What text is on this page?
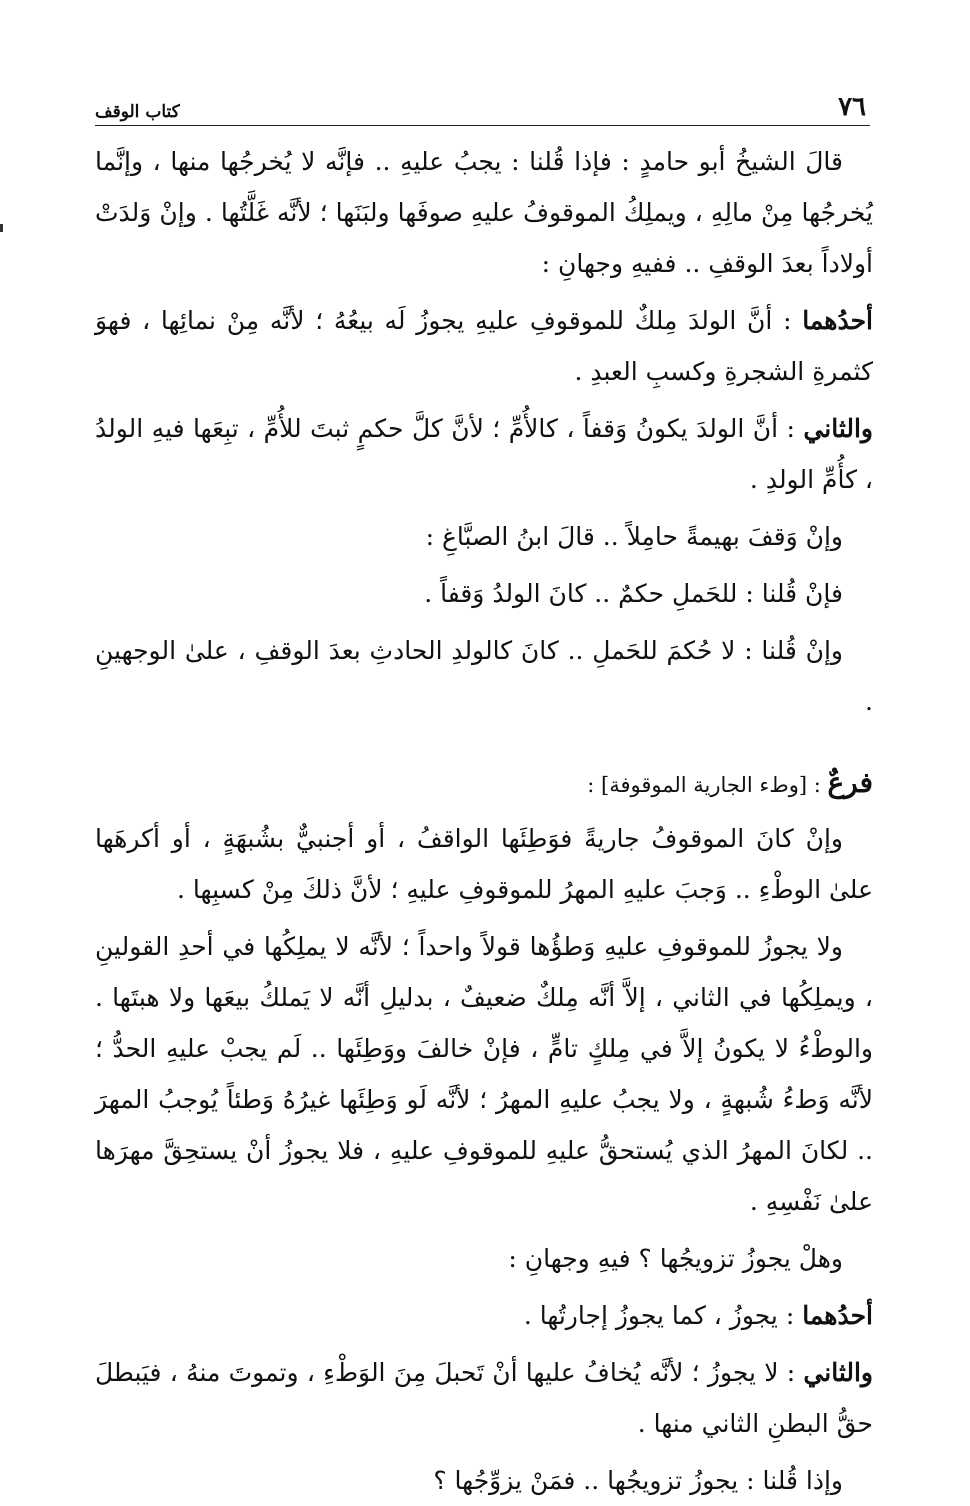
كتاب الوقف	٧٦

قالَ الشيخُ أبو حامدٍ : فإذا قُلنا : يجبُ عليهِ .. فإنَّه لا يُخرجُها منها ، وإنَّما يُخرجُها مِنْ مالِهِ ، ويملِكُ الموقوفُ عليهِ صوفَها ولبَنَها ؛ لأنَّه غَلَّتُها . وإنْ وَلدَتْ أولاداً بعدَ الوقفِ .. ففيهِ وجهانِ :

أحدُهما : أنَّ الولدَ مِلكٌ للموقوفِ عليهِ يجوزُ لَه بيعُهُ ؛ لأنَّه مِنْ نمائِها ، فهوَ كثمرةِ الشجرةِ وكسبِ العبدِ .

والثاني : أنَّ الولدَ يكونُ وَقفاً ، كالأُمِّ ؛ لأنَّ كلَّ حكمٍ ثبتَ للأُمِّ ، تبِعَها فيهِ الولدُ ، كأُمِّ الولدِ .

وإنْ وَقفَ بهيمةً حامِلاً .. قالَ ابنُ الصبَّاغِ :

فإنْ قُلنا : للحَملِ حكمٌ .. كانَ الولدُ وَقفاً .

وإنْ قُلنا : لا حُكمَ للحَملِ .. كانَ كالولدِ الحادثِ بعدَ الوقفِ ، علىٰ الوجهينِ .

فرعٌ : [وطء الجارية الموقوفة] :

وإنْ كانَ الموقوفُ جاريةً فوَطِئَها الواقفُ ، أو أجنبيٌّ بشُبهَةٍ ، أو أكرهَها علىٰ الوطْءِ .. وَجبَ عليهِ المهرُ للموقوفِ عليهِ ؛ لأنَّ ذلكَ مِنْ كسبِها .

ولا يجوزُ للموقوفِ عليهِ وَطؤُها قولاً واحداً ؛ لأنَّه لا يملِكُها في أحدِ القولينِ ، ويملِكُها في الثاني ، إلاَّ أنَّه مِلكٌ ضعيفٌ ، بدليلِ أنَّه لا يَملكُ بيعَها ولا هبتَها . والوطْءُ لا يكونُ إلاَّ في مِلكٍ تامٍّ ، فإنْ خالفَ ووَطِئَها .. لَم يجبْ عليهِ الحدُّ ؛ لأنَّه وَطءُ شُبهةٍ ، ولا يجبُ عليهِ المهرُ ؛ لأنَّه لَو وَطِئَها غيرُهُ وَطئاً يُوجبُ المهرَ .. لكانَ المهرُ الذي يُستحقُّ عليهِ للموقوفِ عليهِ ، فلا يجوزُ أنْ يستحِقَّ مهرَها علىٰ نَفْسِهِ .

وهلْ يجوزُ تزويجُها ؟ فيهِ وجهانِ :

أحدُهما : يجوزُ ، كما يجوزُ إجارتُها .

والثاني : لا يجوزُ ؛ لأنَّه يُخافُ عليها أنْ تَحبلَ مِنَ الوَطْءِ ، وتموتَ منهُ ، فيَبطلَ حقُّ البطنِ الثاني منها .

وإذا قُلنا : يجوزُ تزويجُها .. فمَنْ يزوِّجُها ؟
